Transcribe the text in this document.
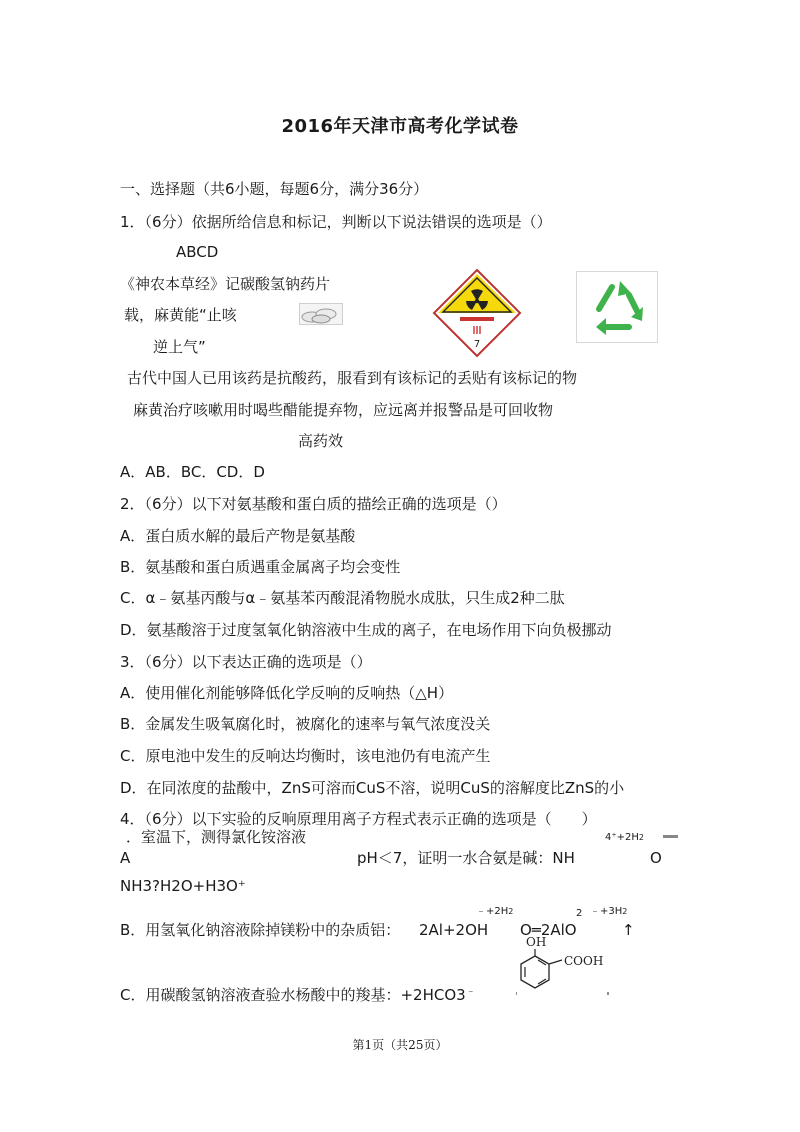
2016年天津市高考化学试卷
一、选择题（共6小题，每题6分，满分36分）
1．（6分）依据所给信息和标记，判断以下说法错误的选项是（）
ABCD
《神农本草经》记碳酸氢钠药片
载，麻黄能“止咳
逆上气”	7
古代中国人已用该药是抗酸药，服看到有该标记的丢贴有该标记的物
麻黄治疗咳嗽用时喝些醋能提弃物，应远离并报警品是可回收物
高药效
A．AB．BC．CD．D
2．（6分）以下对氨基酸和蛋白质的描绘正确的选项是（）
A．蛋白质水解的最后产物是氨基酸
B．氨基酸和蛋白质遇重金属离子均会变性
C．α﹣氨基丙酸与α﹣氨基苯丙酸混淆物脱水成肽，只生成2种二肽
D．氨基酸溶于过度氢氧化钠溶液中生成的离子，在电场作用下向负极挪动
3．（6分）以下表达正确的选项是（）
A．使用催化剂能够降低化学反响的反响热（△H）
B．金属发生吸氧腐化时，被腐化的速率与氧气浓度没关
C．原电池中发生的反响达均衡时，该电池仍有电流产生
D．在同浓度的盐酸中，ZnS可溶而CuS不溶，说明CuS的溶解度比ZnS的小
4．（6分）以下实验的反响原理用离子方程式表示正确的选项是（　　）
．室温下，测得氯化铵溶液	4⁺+2H2
A	pH＜7，证明一水合氨是碱：NH	O
NH3?H2O+H3O⁺
﹣+2H2	2 ﹣+3H2
B．用氢氧化钠溶液除掉镁粉中的杂质铝： 2Al+2OH O═2AlO	↑
OH
COOH
C．用碳酸氢钠溶液查验水杨酸中的羧基：+2HCO3﹣
第1页（共25页）
